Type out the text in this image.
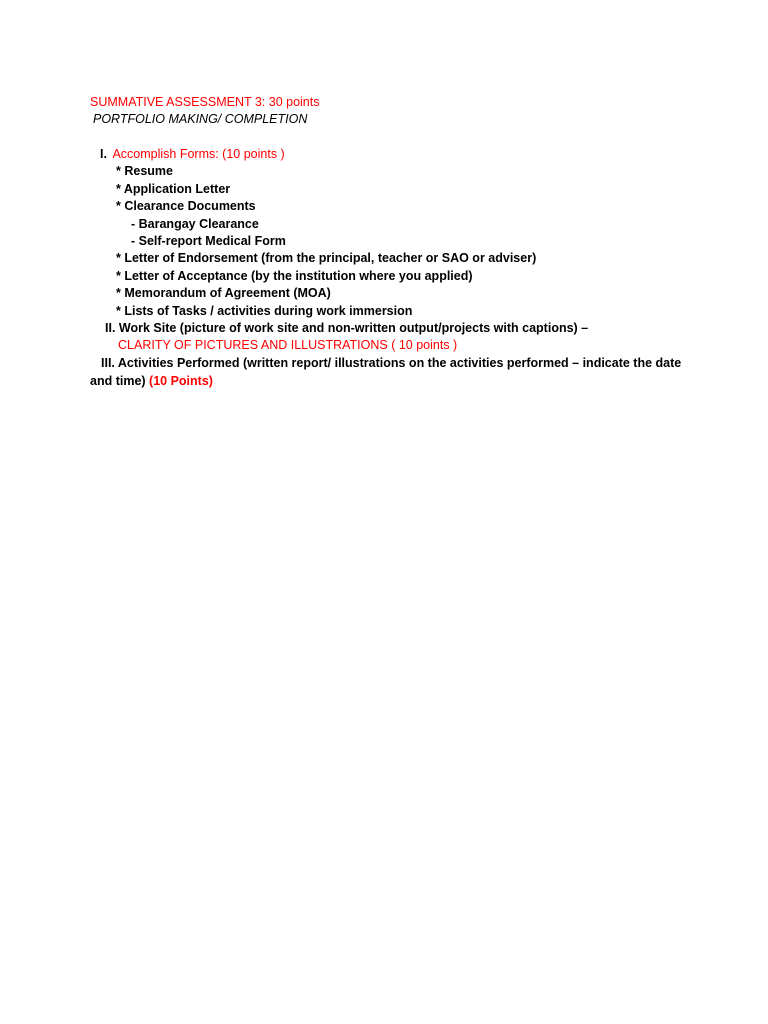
SUMMATIVE ASSESSMENT 3: 30 points
PORTFOLIO MAKING/ COMPLETION
I. Accomplish Forms: (10 points )
* Resume
* Application Letter
* Clearance Documents
- Barangay Clearance
- Self-report Medical Form
* Letter of Endorsement (from the principal, teacher or SAO or adviser)
* Letter of Acceptance (by the institution where you applied)
* Memorandum of Agreement (MOA)
* Lists of Tasks / activities during work immersion
II. Work Site (picture of work site and non-written output/projects with captions) –
CLARITY OF PICTURES AND ILLUSTRATIONS ( 10 points )
III. Activities Performed (written report/ illustrations on the activities performed – indicate the date
and time) (10 Points)
